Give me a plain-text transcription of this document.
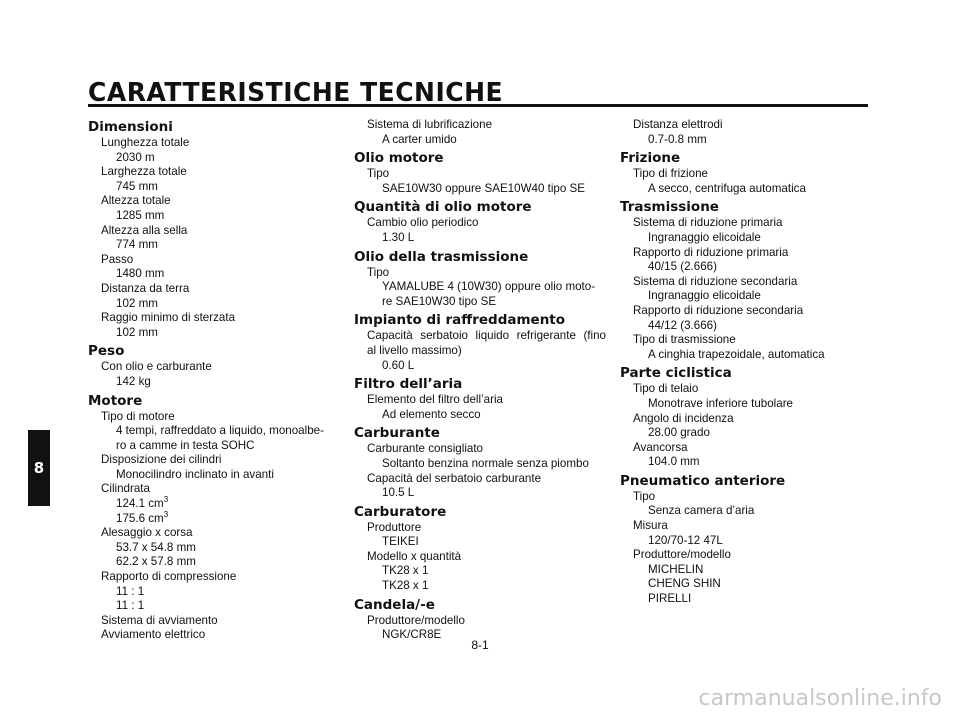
CARATTERISTICHE TECNICHE
8
Dimensioni
Lunghezza totale
2030 m
Larghezza totale
745 mm
Altezza totale
1285 mm
Altezza alla sella
774 mm
Passo
1480 mm
Distanza da terra
102 mm
Raggio minimo di sterzata
102 mm
Peso
Con olio e carburante
142 kg
Motore
Tipo di motore
4 tempi, raffreddato a liquido, monoalbe-
ro a camme in testa SOHC
Disposizione dei cilindri
Monocilindro inclinato in avanti
Cilindrata
124.1 $cm^3$
175.6 $cm^3$
Alesaggio x corsa
53.7 x 54.8 mm
62.2 x 57.8 mm
Rapporto di compressione
11 : 1
11 : 1
Sistema di avviamento
Avviamento elettrico
Sistema di lubrificazione
A carter umido
Olio motore
Tipo
SAE10W30 oppure SAE10W40 tipo SE
Quantità di olio motore
Cambio olio periodico
1.30 L
Olio della trasmissione
Tipo
YAMALUBE 4 (10W30) oppure olio moto-
re SAE10W30 tipo SE
Impianto di raffreddamento
Capacità serbatoio liquido refrigerante (fino
al livello massimo)
0.60 L
Filtro dell’aria
Elemento del filtro dell’aria
Ad elemento secco
Carburante
Carburante consigliato
Soltanto benzina normale senza piombo
Capacità del serbatoio carburante
10.5 L
Carburatore
Produttore
TEIKEI
Modello x quantità
TK28 x 1
TK28 x 1
Candela/-e
Produttore/modello
NGK/CR8E
Distanza elettrodi
0.7-0.8 mm
Frizione
Tipo di frizione
A secco, centrifuga automatica
Trasmissione
Sistema di riduzione primaria
Ingranaggio elicoidale
Rapporto di riduzione primaria
40/15 (2.666)
Sistema di riduzione secondaria
Ingranaggio elicoidale
Rapporto di riduzione secondaria
44/12 (3.666)
Tipo di trasmissione
A cinghia trapezoidale, automatica
Parte ciclistica
Tipo di telaio
Monotrave inferiore tubolare
Angolo di incidenza
28.00 grado
Avancorsa
104.0 mm
Pneumatico anteriore
Tipo
Senza camera d’aria
Misura
120/70-12 47L
Produttore/modello
MICHELIN
CHENG SHIN
PIRELLI
8-1
carmanualsonline.info
